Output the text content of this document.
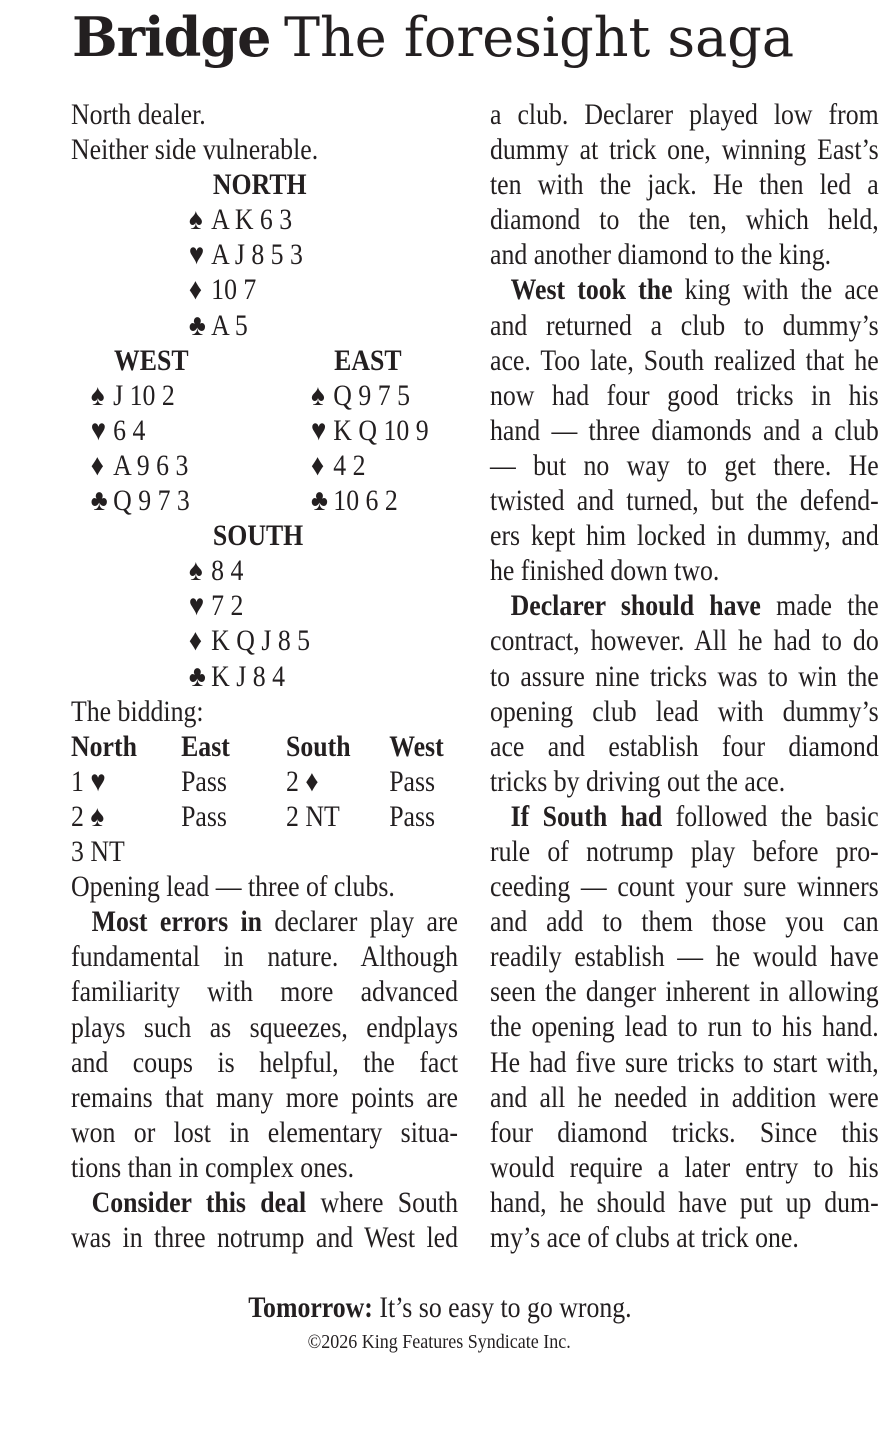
Bridge The foresight saga
North dealer.
Neither side vulnerable.
NORTH
♠ A K 6 3
♥ A J 8 5 3
♦ 10 7
♣ A 5
WEST	EAST
♠ J 10 2
♥ 6 4
♦ A 9 6 3
♣ Q 9 7 3
♠ Q 9 7 5
♥ K Q 10 9
♦ 4 2
♣ 10 6 2
SOUTH
♠ 8 4
♥ 7 2
♦ K Q J 8 5
♣ K J 8 4
The bidding:
North	East	South	West
1 ♥	Pass	2 ♦	Pass
2 ♠	Pass	2 NT	Pass
3 NT
Opening lead — three of clubs.
Most errors in declarer play are
fundamental in nature. Although
familiarity with more advanced
plays such as squeezes, endplays
and coups is helpful, the fact
remains that many more points are
won or lost in elementary situa-
tions than in complex ones.
Consider this deal where South
was in three notrump and West led
a club. Declarer played low from
dummy at trick one, winning East’s
ten with the jack. He then led a
diamond to the ten, which held,
and another diamond to the king.
West took the king with the ace
and returned a club to dummy’s
ace. Too late, South realized that he
now had four good tricks in his
hand — three diamonds and a club
— but no way to get there. He
twisted and turned, but the defend-
ers kept him locked in dummy, and
he finished down two.
Declarer should have made the
contract, however. All he had to do
to assure nine tricks was to win the
opening club lead with dummy’s
ace and establish four diamond
tricks by driving out the ace.
If South had followed the basic
rule of notrump play before pro-
ceeding — count your sure winners
and add to them those you can
readily establish — he would have
seen the danger inherent in allowing
the opening lead to run to his hand.
He had five sure tricks to start with,
and all he needed in addition were
four diamond tricks. Since this
would require a later entry to his
hand, he should have put up dum-
my’s ace of clubs at trick one.
Tomorrow: It’s so easy to go wrong.
©2026 King Features Syndicate Inc.
